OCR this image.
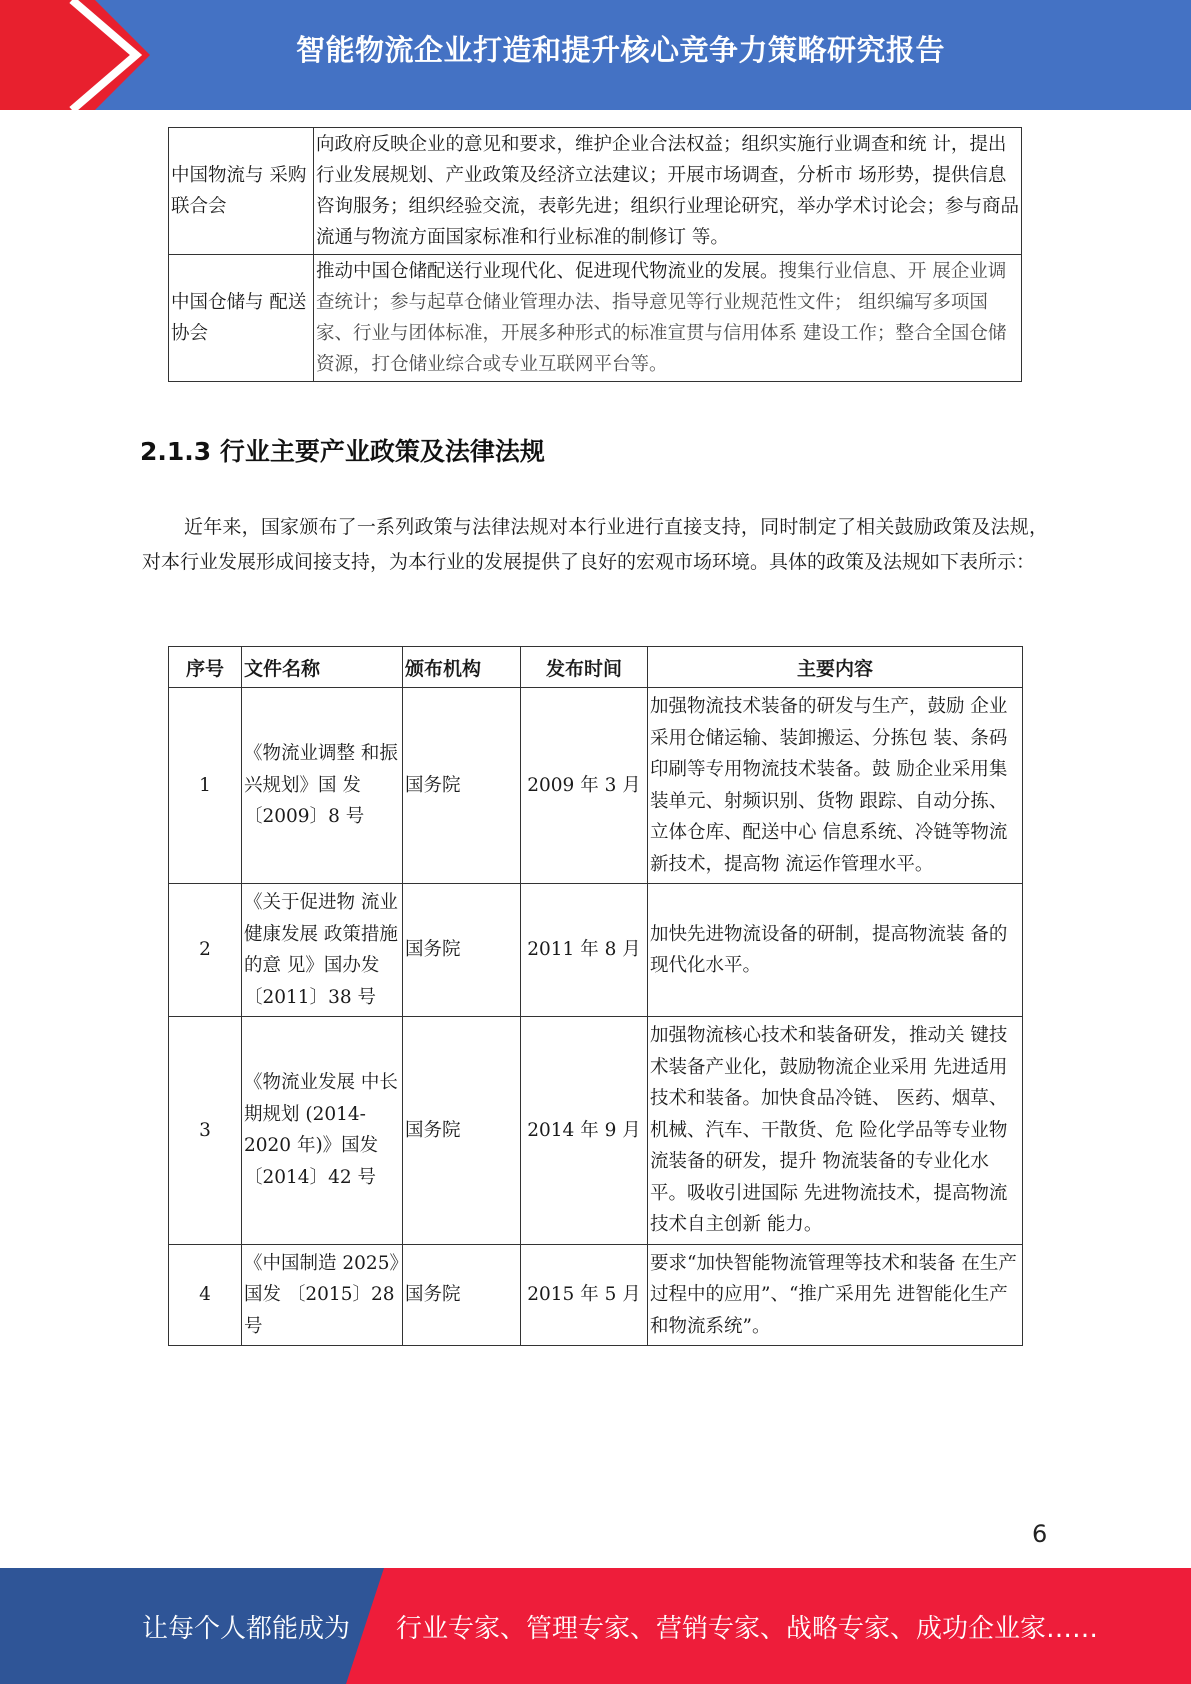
智能物流企业打造和提升核心竞争力策略研究报告
中国物流与 采购联合会	向政府反映企业的意见和要求，维护企业合法权益；组织实施行业调查和统 计，提出行业发展规划、产业政策及经济立法建议；开展市场调查，分析市 场形势，提供信息咨询服务；组织经验交流，表彰先进；组织行业理论研究，举办学术讨论会；参与商品流通与物流方面国家标准和行业标准的制修订 等。
中国仓储与 配送协会	推动中国仓储配送行业现代化、促进现代物流业的发展。搜集行业信息、开 展企业调查统计；参与起草仓储业管理办法、指导意见等行业规范性文件； 组织编写多项国家、行业与团体标准，开展多种形式的标准宣贯与信用体系 建设工作；整合全国仓储资源，打仓储业综合或专业互联网平台等。
2.1.3 行业主要产业政策及法律法规

近年来，国家颁布了一系列政策与法律法规对本行业进行直接支持，同时制定了相关鼓励政策及法规，对本行业发展形成间接支持，为本行业的发展提供了良好的宏观市场环境。具体的政策及法规如下表所示：

序号	文件名称	颁布机构	发布时间	主要内容
1	《物流业调整 和振兴规划》国 发〔2009〕8 号	国务院	2009 年 3 月	加强物流技术装备的研发与生产，鼓励 企业采用仓储运输、装卸搬运、分拣包 装、条码印刷等专用物流技术装备。鼓 励企业采用集装单元、射频识别、货物 跟踪、自动分拣、立体仓库、配送中心 信息系统、冷链等物流新技术，提高物 流运作管理水平。
2	《关于促进物 流业健康发展 政策措施的意 见》国办发〔2011〕38 号	国务院	2011 年 8 月	加快先进物流设备的研制，提高物流装 备的现代化水平。
3	《物流业发展 中长期规划 (2014-2020 年)》国发〔2014〕42 号	国务院	2014 年 9 月	加强物流核心技术和装备研发，推动关 键技术装备产业化，鼓励物流企业采用 先进适用技术和装备。加快食品冷链、 医药、烟草、机械、汽车、干散货、危 险化学品等专业物流装备的研发，提升 物流装备的专业化水平。吸收引进国际 先进物流技术，提高物流技术自主创新 能力。
4	《中国制造 2025》国发 〔2015〕28 号	国务院	2015 年 5 月	要求“加快智能物流管理等技术和装备 在生产过程中的应用”、“推广采用先 进智能化生产和物流系统”。
6
让每个人都能成为 行业专家、管理专家、营销专家、战略专家、成功企业家……
